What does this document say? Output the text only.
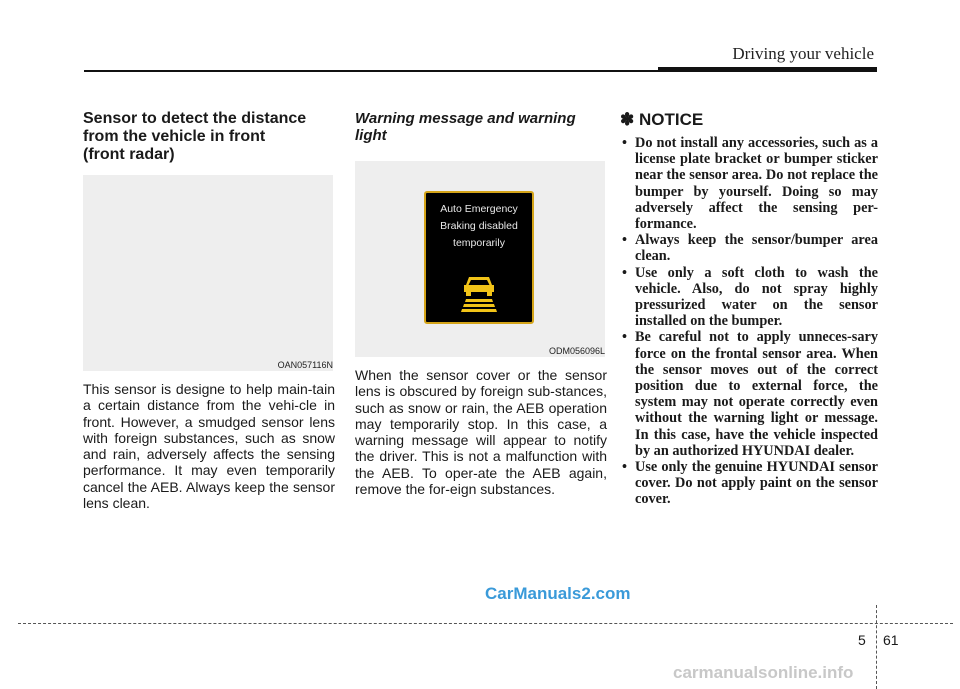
Driving your vehicle
Sensor to detect the distance
from the vehicle in front
(front radar)
OAN057116N

This sensor is designe to help main-tain a certain distance from the vehi-cle in front. However, a smudged sensor lens with foreign substances, such as snow and rain, adversely affects the sensing performance. It may even temporarily cancel the AEB. Always keep the sensor lens clean.

Warning message and warning
light
Auto Emergency
Braking disabled
temporarily
ODM056096L

When the sensor cover or the sensor lens is obscured by foreign sub-stances, such as snow or rain, the AEB operation may temporarily stop. In this case, a warning message will appear to notify the driver. This is not a malfunction with the AEB. To oper-ate the AEB again, remove the for-eign substances.

✽ NOTICE
• Do not install any accessories, such as a license plate bracket or bumper sticker near the sensor area. Do not replace the bumper by yourself. Doing so may adversely affect the sensing per-formance.
• Always keep the sensor/bumper area clean.
• Use only a soft cloth to wash the vehicle. Also, do not spray highly pressurized water on the sensor installed on the bumper.
• Be careful not to apply unneces-sary force on the frontal sensor area. When the sensor moves out of the correct position due to external force, the system may not operate correctly even without the warning light or message. In this case, have the vehicle inspected by an authorized HYUNDAI dealer.
• Use only the genuine HYUNDAI sensor cover. Do not apply paint on the sensor cover.
CarManuals2.com
5 61
carmanualsonline.info
